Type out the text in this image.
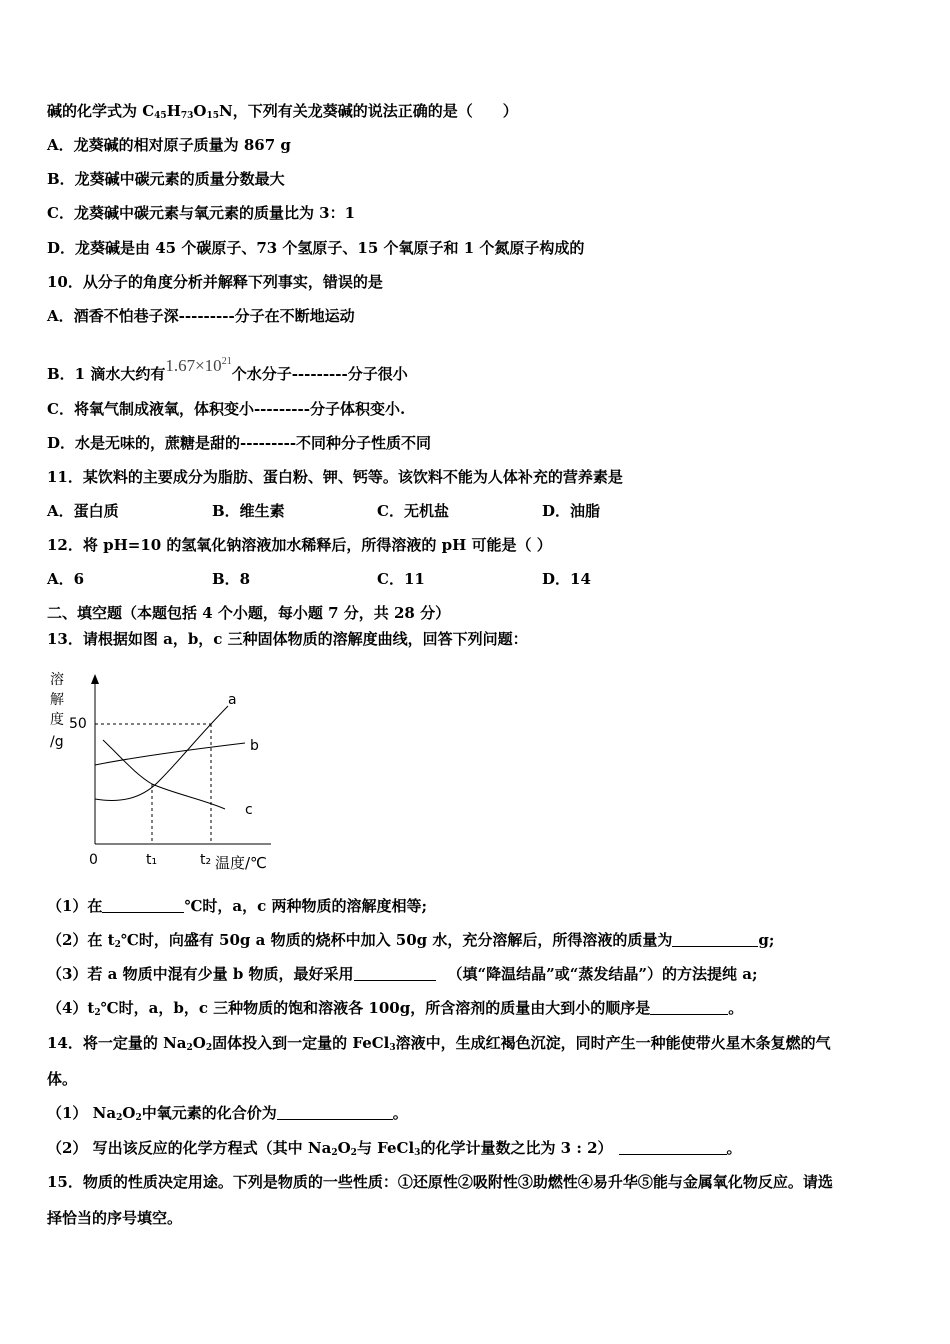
碱的化学式为 $C_{45}H_{73}O_{15}N$，下列有关龙葵碱的说法正确的是（　　）
A．龙葵碱的相对原子质量为 867 g
B．龙葵碱中碳元素的质量分数最大
C．龙葵碱中碳元素与氧元素的质量比为 3：1
D．龙葵碱是由 45 个碳原子、73 个氢原子、15 个氧原子和 1 个氮原子构成的
10．从分子的角度分析并解释下列事实，错误的是
A．酒香不怕巷子深---------分子在不断地运动
B．1 滴水大约有$1.67\times 10^{21}$个水分子---------分子很小
C．将氧气制成液氧，体积变小---------分子体积变小.
D．水是无味的，蔗糖是甜的---------不同种分子性质不同
11．某饮料的主要成分为脂肪、蛋白粉、钾、钙等。该饮料不能为人体补充的营养素是
A．蛋白质	B．维生素	C．无机盐	D．油脂
12．将 pH=10 的氢氧化钠溶液加水稀释后，所得溶液的 pH 可能是（ ）
A．6	B．8	C．11	D．14
二、填空题（本题包括 4 个小题，每小题 7 分，共 28 分）
13．请根据如图 a，b，c 三种固体物质的溶解度曲线，回答下列问题：
溶
解
度
/g
a
b
c
50
0	t₁	t₂ 温度/℃
（1）在	℃时，a，c 两种物质的溶解度相等;
（2）在 $t_2℃$时，向盛有 50g a 物质的烧杯中加入 50g 水，充分溶解后，所得溶液的质量为	g;
（3）若 a 物质中混有少量 b 物质，最好采用	（填“降温结晶”或“蒸发结晶”）的方法提纯 a;
$(4)t_2℃$时，a，b，c 三种物质的饱和溶液各 100g，所含溶剂的质量由大到小的顺序是	。
14．将一定量的 $Na_2O_2$固体投入到一定量的 FeCl$_3$溶液中，生成红褐色沉淀，同时产生一种能使带火星木条复燃的气
体。
（1） $Na_2O_2$中氧元素的化合价为	。
（2） 写出该反应的化学方程式（其中 $Na_2O_2$与 FeCl$_3$的化学计量数之比为 3 : 2）	。
15．物质的性质决定用途。下列是物质的一些性质：①还原性②吸附性③助燃性④易升华⑤能与金属氧化物反应。请选
择恰当的序号填空。
